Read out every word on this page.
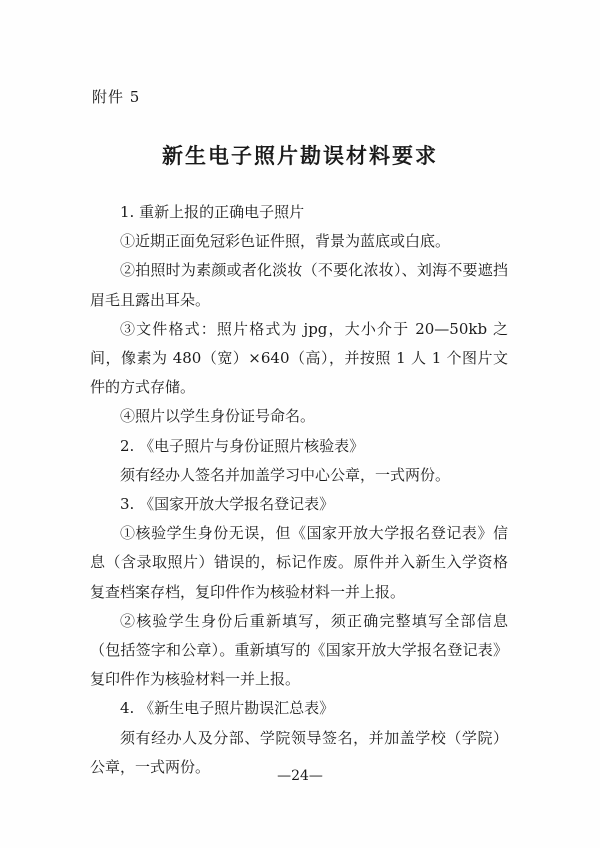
附件 5
新生电子照片勘误材料要求

1. 重新上报的正确电子照片

①近期正面免冠彩色证件照，背景为蓝底或白底。

②拍照时为素颜或者化淡妆（不要化浓妆）、刘海不要遮挡眉毛且露出耳朵。

③文件格式：照片格式为 jpg，大小介于 20—50kb 之间，像素为 480（宽）×640（高），并按照 1 人 1 个图片文件的方式存储。

④照片以学生身份证号命名。

2. 《电子照片与身份证照片核验表》

须有经办人签名并加盖学习中心公章，一式两份。

3. 《国家开放大学报名登记表》

①核验学生身份无误，但《国家开放大学报名登记表》信息（含录取照片）错误的，标记作废。原件并入新生入学资格复查档案存档，复印件作为核验材料一并上报。

②核验学生身份后重新填写，须正确完整填写全部信息（包括签字和公章）。重新填写的《国家开放大学报名登记表》复印件作为核验材料一并上报。

4. 《新生电子照片勘误汇总表》

须有经办人及分部、学院领导签名，并加盖学校（学院）公章，一式两份。

—24—
